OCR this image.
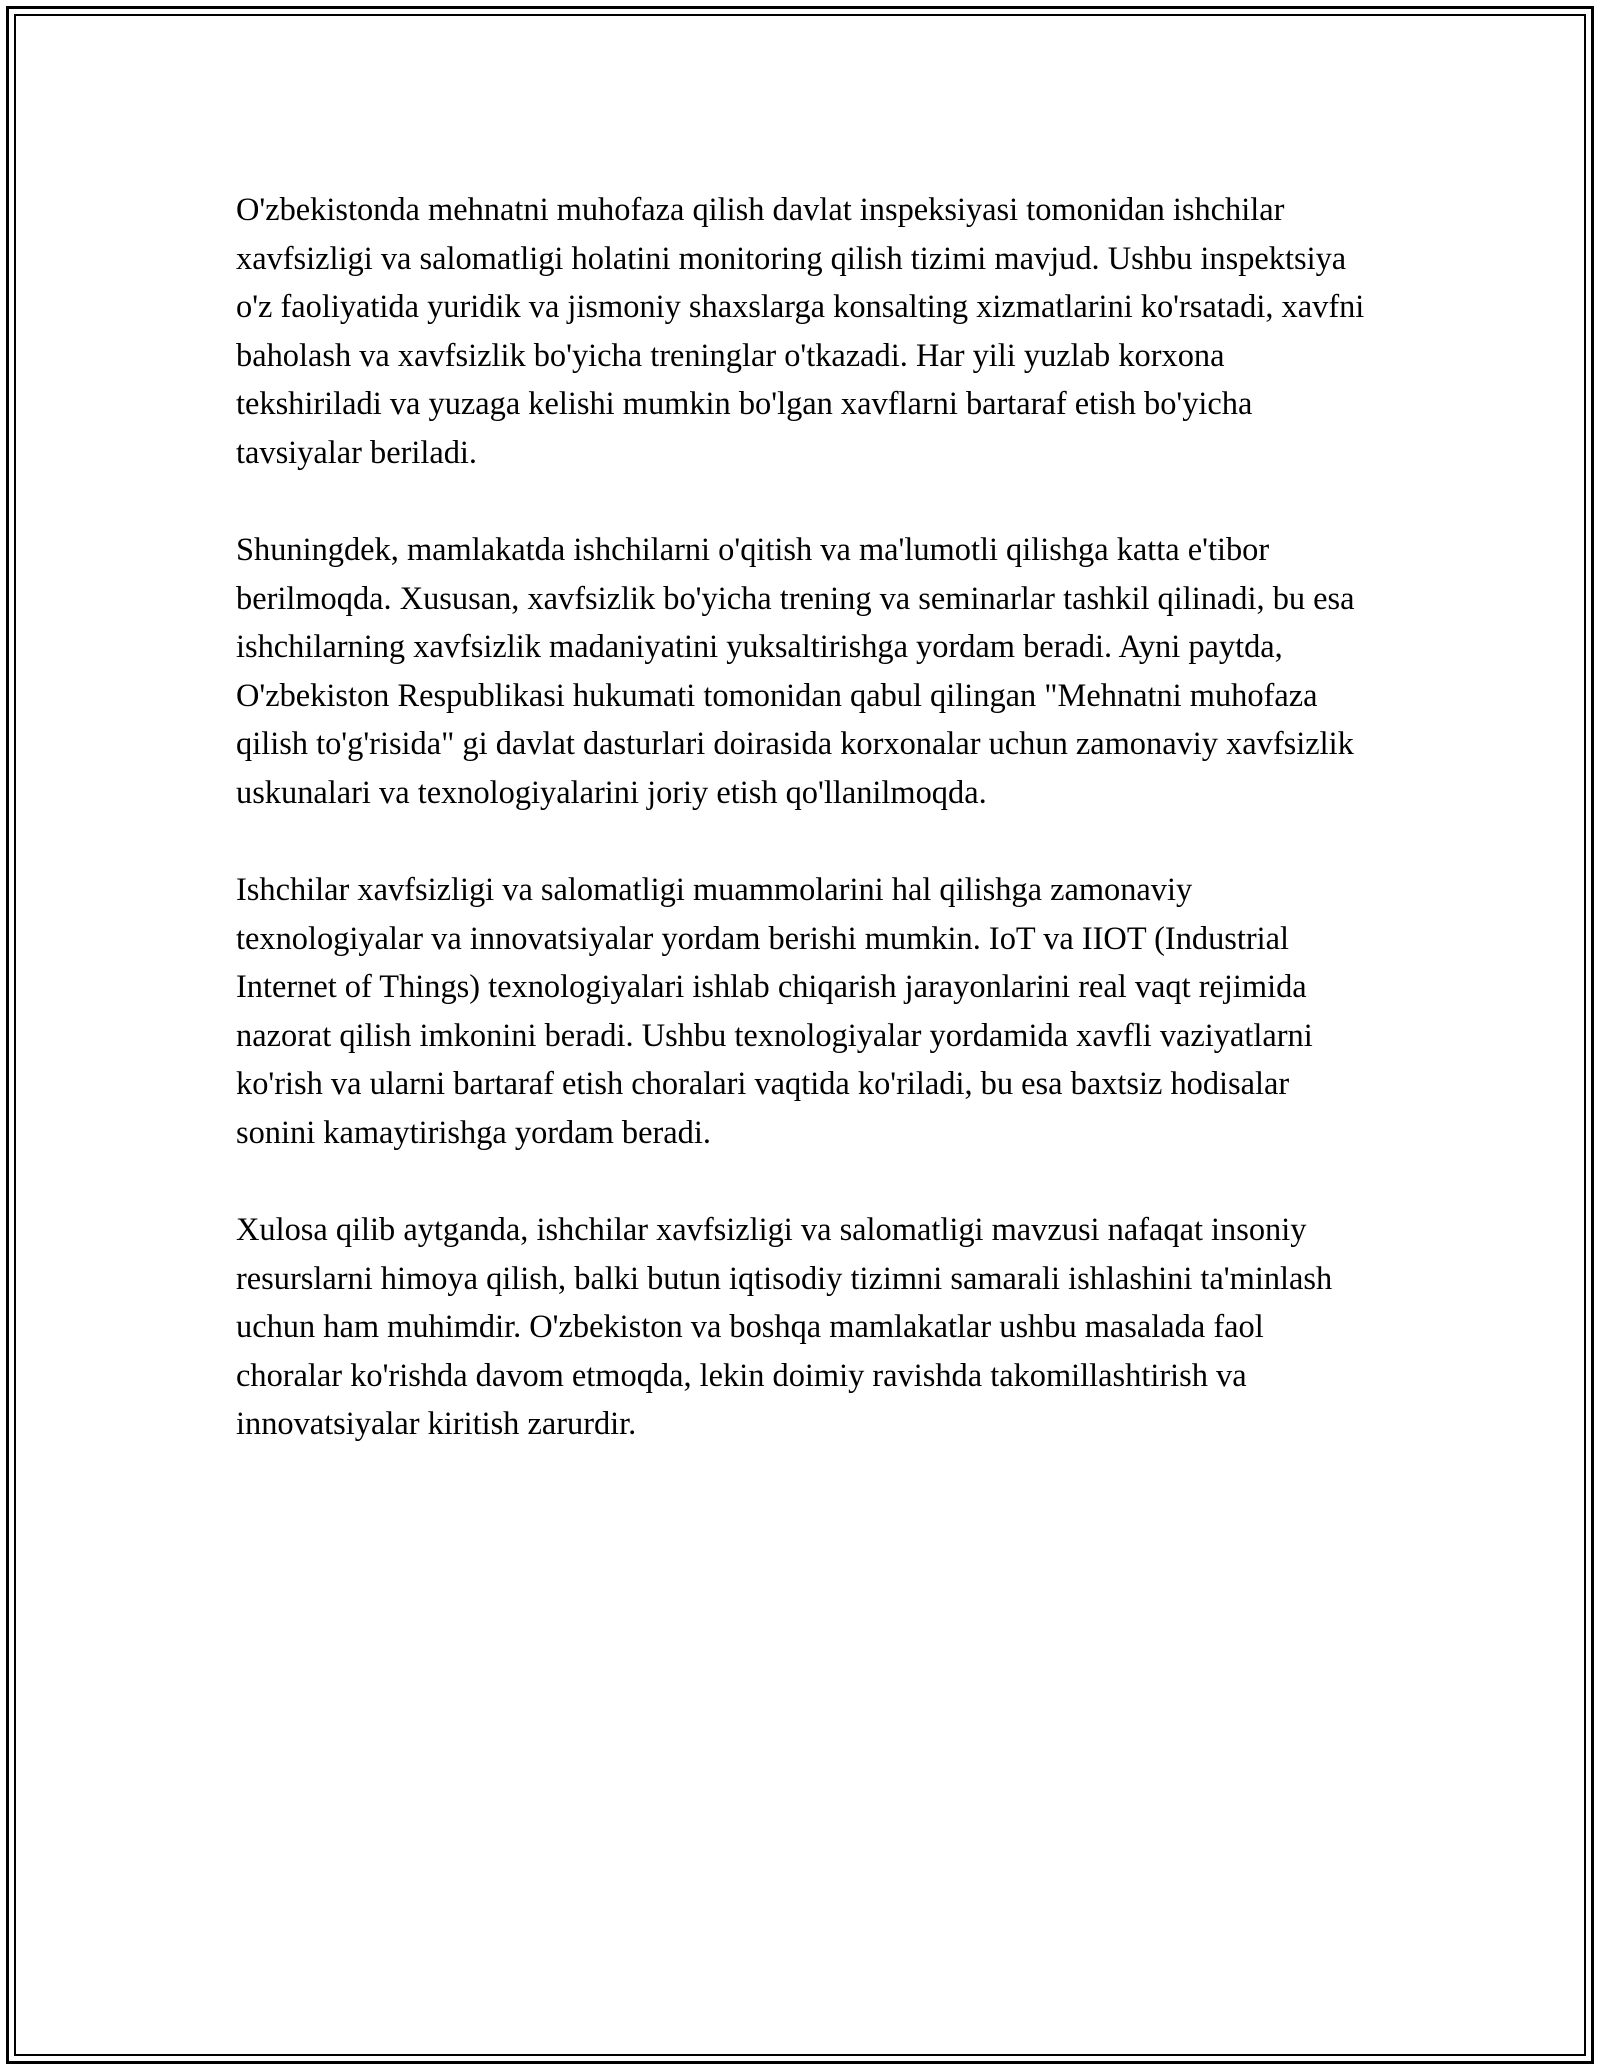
O'zbekistonda mehnatni muhofaza qilish davlat inspeksiyasi tomonidan ishchilar xavfsizligi va salomatligi holatini monitoring qilish tizimi mavjud. Ushbu inspektsiya o'z faoliyatida yuridik va jismoniy shaxslarga konsalting xizmatlarini ko'rsatadi, xavfni baholash va xavfsizlik bo'yicha treninglar o'tkazadi. Har yili yuzlab korxona tekshiriladi va yuzaga kelishi mumkin bo'lgan xavflarni bartaraf etish bo'yicha tavsiyalar beriladi.

Shuningdek, mamlakatda ishchilarni o'qitish va ma'lumotli qilishga katta e'tibor berilmoqda. Xususan, xavfsizlik bo'yicha trening va seminarlar tashkil qilinadi, bu esa ishchilarning xavfsizlik madaniyatini yuksaltirishga yordam beradi. Ayni paytda, O'zbekiston Respublikasi hukumati tomonidan qabul qilingan "Mehnatni muhofaza qilish to'g'risida" gi davlat dasturlari doirasida korxonalar uchun zamonaviy xavfsizlik uskunalari va texnologiyalarini joriy etish qo'llanilmoqda.

Ishchilar xavfsizligi va salomatligi muammolarini hal qilishga zamonaviy texnologiyalar va innovatsiyalar yordam berishi mumkin. IoT va IIOT (Industrial Internet of Things) texnologiyalari ishlab chiqarish jarayonlarini real vaqt rejimida nazorat qilish imkonini beradi. Ushbu texnologiyalar yordamida xavfli vaziyatlarni ko'rish va ularni bartaraf etish choralari vaqtida ko'riladi, bu esa baxtsiz hodisalar sonini kamaytirishga yordam beradi.

Xulosa qilib aytganda, ishchilar xavfsizligi va salomatligi mavzusi nafaqat insoniy resurslarni himoya qilish, balki butun iqtisodiy tizimni samarali ishlashini ta'minlash uchun ham muhimdir. O'zbekiston va boshqa mamlakatlar ushbu masalada faol choralar ko'rishda davom etmoqda, lekin doimiy ravishda takomillashtirish va innovatsiyalar kiritish zarurdir.
